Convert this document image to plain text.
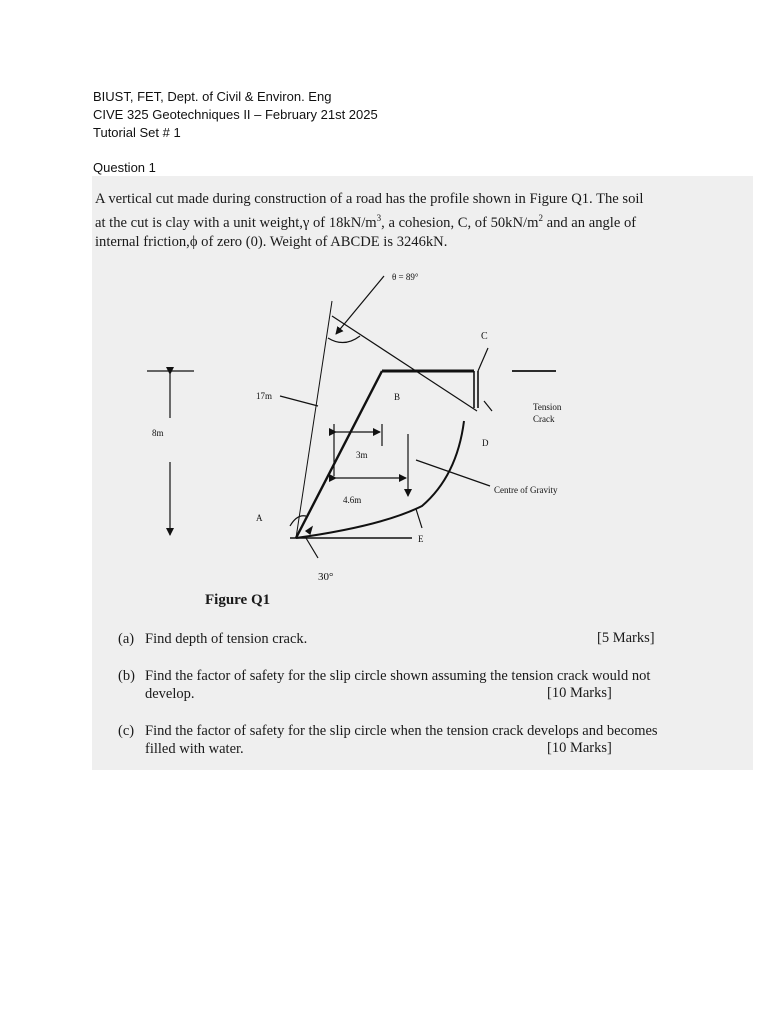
BIUST, FET, Dept. of Civil & Environ. Eng
CIVE 325 Geotechniques II – February 21st 2025
Tutorial Set # 1
Question 1
A vertical cut made during construction of a road has the profile shown in Figure Q1. The soil
at the cut is clay with a unit weight,γ of $18kN/m^3$, a cohesion, C, of $50kN/m^2$ and an angle of
internal friction,ϕ of zero (0). Weight of ABCDE is 3246kN.
θ = 89°
C
B
A
D
E
17m
8m
3m
4.6m
Tension
Crack
Centre of Gravity
30°
Figure Q1
(a) Find depth of tension crack.	[5 Marks]
(b) Find the factor of safety for the slip circle shown assuming the tension crack would not
develop.	[10 Marks]
(c) Find the factor of safety for the slip circle when the tension crack develops and becomes
filled with water.	[10 Marks]
